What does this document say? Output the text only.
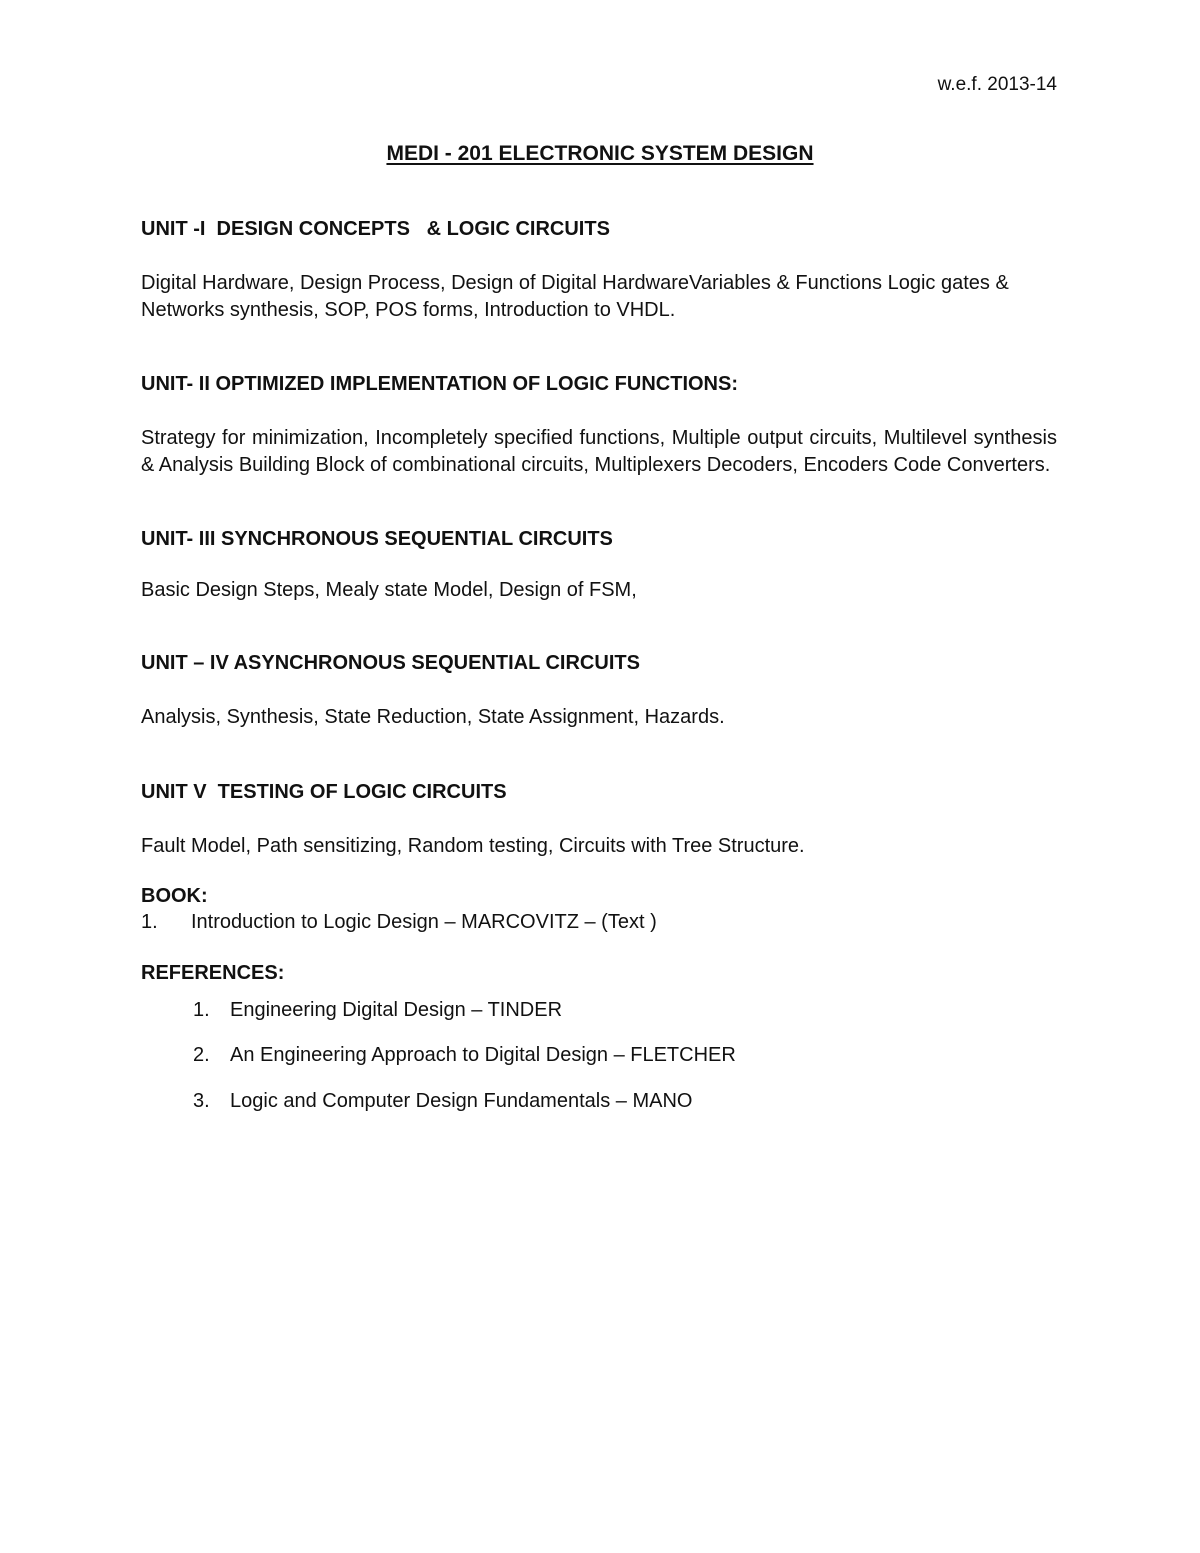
w.e.f. 2013-14
MEDI - 201 ELECTRONIC SYSTEM DESIGN
UNIT -I  DESIGN CONCEPTS   & LOGIC CIRCUITS
Digital Hardware, Design Process, Design of Digital HardwareVariables & Functions Logic gates & Networks synthesis, SOP, POS forms, Introduction to VHDL.
UNIT- II OPTIMIZED IMPLEMENTATION OF LOGIC FUNCTIONS:
Strategy for minimization, Incompletely specified functions, Multiple output circuits, Multilevel synthesis & Analysis Building Block of combinational circuits, Multiplexers Decoders, Encoders Code Converters.
UNIT- III SYNCHRONOUS SEQUENTIAL CIRCUITS
Basic Design Steps, Mealy state Model, Design of FSM,
UNIT – IV ASYNCHRONOUS SEQUENTIAL CIRCUITS
Analysis, Synthesis, State Reduction, State Assignment, Hazards.
UNIT V  TESTING OF LOGIC CIRCUITS
Fault Model, Path sensitizing, Random testing, Circuits with Tree Structure.
BOOK:
1.	Introduction to Logic Design – MARCOVITZ – (Text )
REFERENCES:
1.	Engineering Digital Design – TINDER
2.	An Engineering Approach to Digital Design – FLETCHER
3.	Logic and Computer Design Fundamentals – MANO
